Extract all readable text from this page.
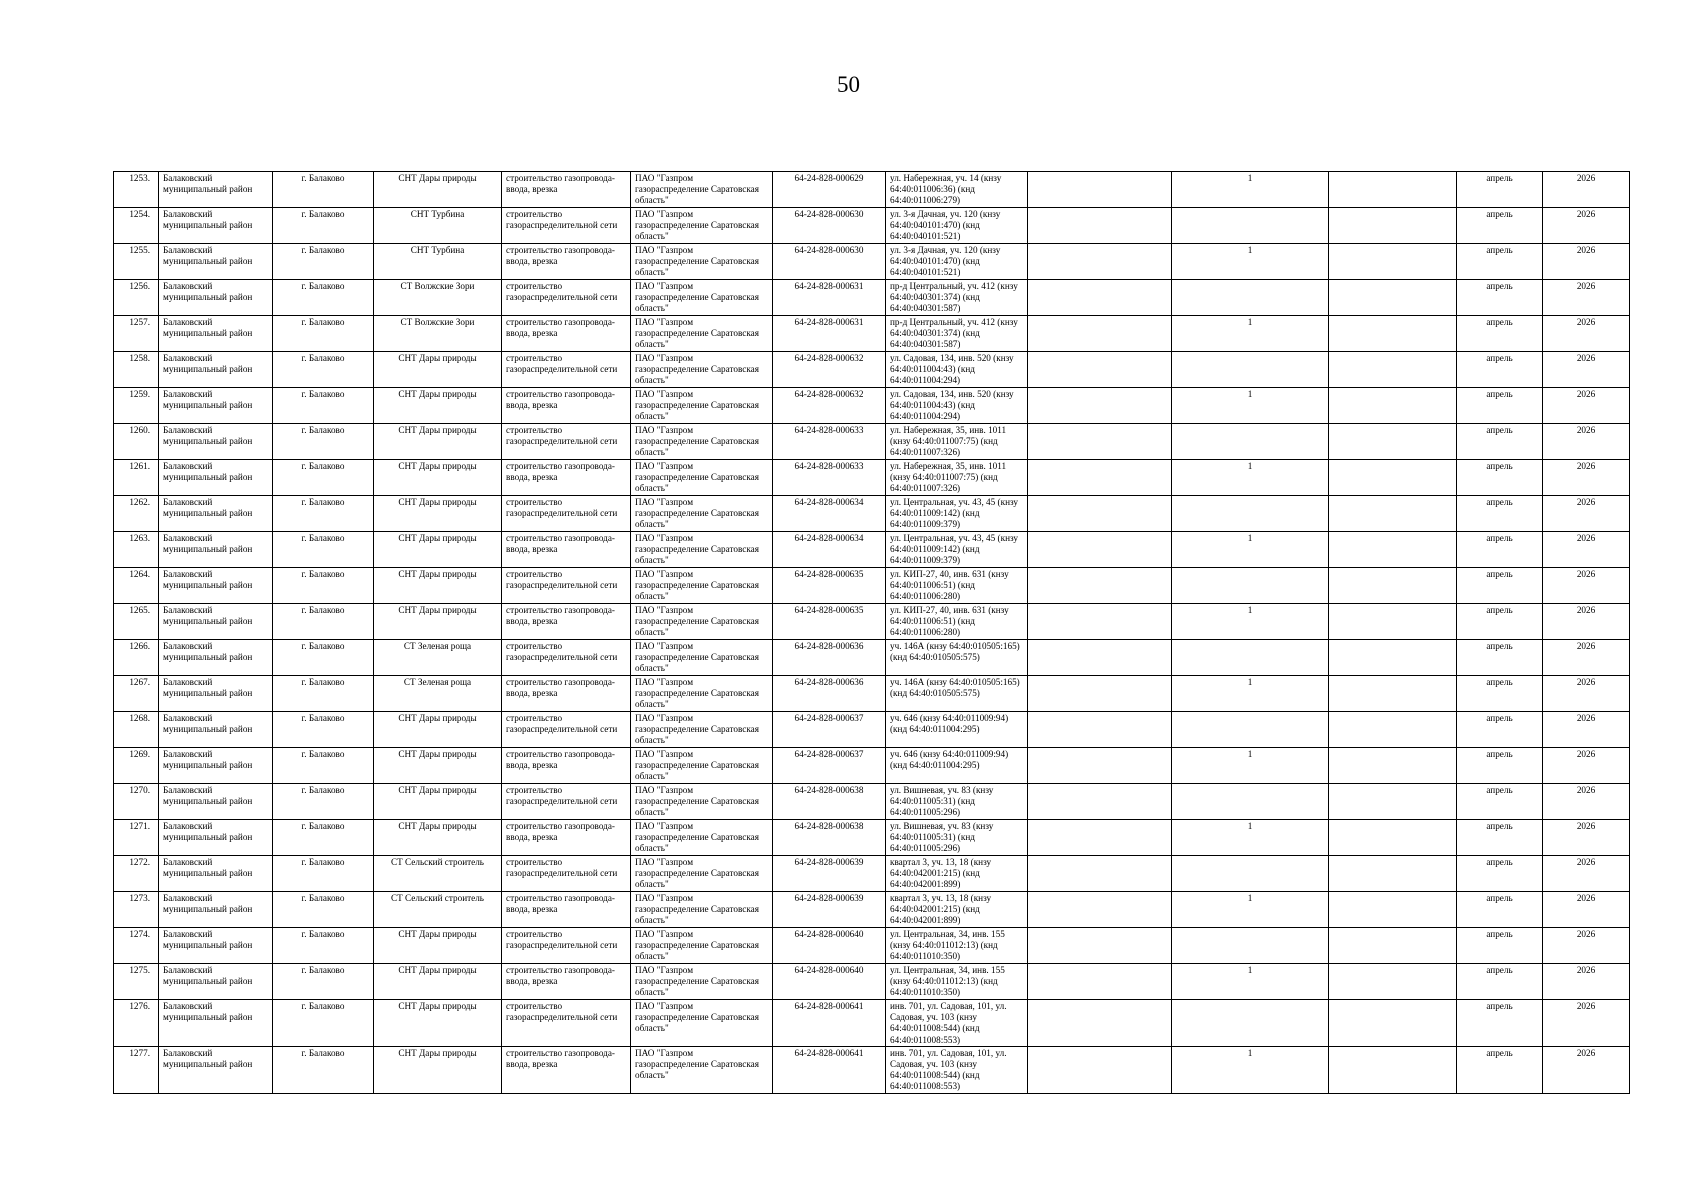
50
1253.	Балаковский муниципальный район	г. Балаково	СНТ Дары природы	строительство газопровода-ввода, врезка	ПАО "Газпром газораспределение Саратовская область"	64-24-828-000629	ул. Набережная, уч. 14 (кнзу 64:40:011006:36) (кнд 64:40:011006:279)		1		апрель	2026
1254.	Балаковский муниципальный район	г. Балаково	СНТ Турбина	строительство газораспределительной сети	ПАО "Газпром газораспределение Саратовская область"	64-24-828-000630	ул. 3-я Дачная, уч. 120 (кнзу 64:40:040101:470) (кнд 64:40:040101:521)				апрель	2026
1255.	Балаковский муниципальный район	г. Балаково	СНТ Турбина	строительство газопровода-ввода, врезка	ПАО "Газпром газораспределение Саратовская область"	64-24-828-000630	ул. 3-я Дачная, уч. 120 (кнзу 64:40:040101:470) (кнд 64:40:040101:521)		1		апрель	2026
1256.	Балаковский муниципальный район	г. Балаково	СТ Волжские Зори	строительство газораспределительной сети	ПАО "Газпром газораспределение Саратовская область"	64-24-828-000631	пр-д Центральный, уч. 412 (кнзу 64:40:040301:374) (кнд 64:40:040301:587)				апрель	2026
1257.	Балаковский муниципальный район	г. Балаково	СТ Волжские Зори	строительство газопровода-ввода, врезка	ПАО "Газпром газораспределение Саратовская область"	64-24-828-000631	пр-д Центральный, уч. 412 (кнзу 64:40:040301:374) (кнд 64:40:040301:587)		1		апрель	2026
1258.	Балаковский муниципальный район	г. Балаково	СНТ Дары природы	строительство газораспределительной сети	ПАО "Газпром газораспределение Саратовская область"	64-24-828-000632	ул. Садовая, 134, инв. 520 (кнзу 64:40:011004:43) (кнд 64:40:011004:294)				апрель	2026
1259.	Балаковский муниципальный район	г. Балаково	СНТ Дары природы	строительство газопровода-ввода, врезка	ПАО "Газпром газораспределение Саратовская область"	64-24-828-000632	ул. Садовая, 134, инв. 520 (кнзу 64:40:011004:43) (кнд 64:40:011004:294)		1		апрель	2026
1260.	Балаковский муниципальный район	г. Балаково	СНТ Дары природы	строительство газораспределительной сети	ПАО "Газпром газораспределение Саратовская область"	64-24-828-000633	ул. Набережная, 35, инв. 1011 (кнзу 64:40:011007:75) (кнд 64:40:011007:326)				апрель	2026
1261.	Балаковский муниципальный район	г. Балаково	СНТ Дары природы	строительство газопровода-ввода, врезка	ПАО "Газпром газораспределение Саратовская область"	64-24-828-000633	ул. Набережная, 35, инв. 1011 (кнзу 64:40:011007:75) (кнд 64:40:011007:326)		1		апрель	2026
1262.	Балаковский муниципальный район	г. Балаково	СНТ Дары природы	строительство газораспределительной сети	ПАО "Газпром газораспределение Саратовская область"	64-24-828-000634	ул. Центральная, уч. 43, 45 (кнзу 64:40:011009:142) (кнд 64:40:011009:379)				апрель	2026
1263.	Балаковский муниципальный район	г. Балаково	СНТ Дары природы	строительство газопровода-ввода, врезка	ПАО "Газпром газораспределение Саратовская область"	64-24-828-000634	ул. Центральная, уч. 43, 45 (кнзу 64:40:011009:142) (кнд 64:40:011009:379)		1		апрель	2026
1264.	Балаковский муниципальный район	г. Балаково	СНТ Дары природы	строительство газораспределительной сети	ПАО "Газпром газораспределение Саратовская область"	64-24-828-000635	ул. КИП-27, 40, инв. 631 (кнзу 64:40:011006:51) (кнд 64:40:011006:280)				апрель	2026
1265.	Балаковский муниципальный район	г. Балаково	СНТ Дары природы	строительство газопровода-ввода, врезка	ПАО "Газпром газораспределение Саратовская область"	64-24-828-000635	ул. КИП-27, 40, инв. 631 (кнзу 64:40:011006:51) (кнд 64:40:011006:280)		1		апрель	2026
1266.	Балаковский муниципальный район	г. Балаково	СТ Зеленая роща	строительство газораспределительной сети	ПАО "Газпром газораспределение Саратовская область"	64-24-828-000636	уч. 146А (кнзу 64:40:010505:165) (кнд 64:40:010505:575)				апрель	2026
1267.	Балаковский муниципальный район	г. Балаково	СТ Зеленая роща	строительство газопровода-ввода, врезка	ПАО "Газпром газораспределение Саратовская область"	64-24-828-000636	уч. 146А (кнзу 64:40:010505:165) (кнд 64:40:010505:575)		1		апрель	2026
1268.	Балаковский муниципальный район	г. Балаково	СНТ Дары природы	строительство газораспределительной сети	ПАО "Газпром газораспределение Саратовская область"	64-24-828-000637	уч. 646 (кнзу 64:40:011009:94) (кнд 64:40:011004:295)				апрель	2026
1269.	Балаковский муниципальный район	г. Балаково	СНТ Дары природы	строительство газопровода-ввода, врезка	ПАО "Газпром газораспределение Саратовская область"	64-24-828-000637	уч. 646 (кнзу 64:40:011009:94) (кнд 64:40:011004:295)		1		апрель	2026
1270.	Балаковский муниципальный район	г. Балаково	СНТ Дары природы	строительство газораспределительной сети	ПАО "Газпром газораспределение Саратовская область"	64-24-828-000638	ул. Вишневая, уч. 83 (кнзу 64:40:011005:31) (кнд 64:40:011005:296)				апрель	2026
1271.	Балаковский муниципальный район	г. Балаково	СНТ Дары природы	строительство газопровода-ввода, врезка	ПАО "Газпром газораспределение Саратовская область"	64-24-828-000638	ул. Вишневая, уч. 83 (кнзу 64:40:011005:31) (кнд 64:40:011005:296)		1		апрель	2026
1272.	Балаковский муниципальный район	г. Балаково	СТ Сельский строитель	строительство газораспределительной сети	ПАО "Газпром газораспределение Саратовская область"	64-24-828-000639	квартал 3, уч. 13, 18 (кнзу 64:40:042001:215) (кнд 64:40:042001:899)				апрель	2026
1273.	Балаковский муниципальный район	г. Балаково	СТ Сельский строитель	строительство газопровода-ввода, врезка	ПАО "Газпром газораспределение Саратовская область"	64-24-828-000639	квартал 3, уч. 13, 18 (кнзу 64:40:042001:215) (кнд 64:40:042001:899)		1		апрель	2026
1274.	Балаковский муниципальный район	г. Балаково	СНТ Дары природы	строительство газораспределительной сети	ПАО "Газпром газораспределение Саратовская область"	64-24-828-000640	ул. Центральная, 34, инв. 155 (кнзу 64:40:011012:13) (кнд 64:40:011010:350)				апрель	2026
1275.	Балаковский муниципальный район	г. Балаково	СНТ Дары природы	строительство газопровода-ввода, врезка	ПАО "Газпром газораспределение Саратовская область"	64-24-828-000640	ул. Центральная, 34, инв. 155 (кнзу 64:40:011012:13) (кнд 64:40:011010:350)		1		апрель	2026
1276.	Балаковский муниципальный район	г. Балаково	СНТ Дары природы	строительство газораспределительной сети	ПАО "Газпром газораспределение Саратовская область"	64-24-828-000641	инв. 701, ул. Садовая, 101, ул. Садовая, уч. 103 (кнзу 64:40:011008:544) (кнд 64:40:011008:553)				апрель	2026
1277.	Балаковский муниципальный район	г. Балаково	СНТ Дары природы	строительство газопровода-ввода, врезка	ПАО "Газпром газораспределение Саратовская область"	64-24-828-000641	инв. 701, ул. Садовая, 101, ул. Садовая, уч. 103 (кнзу 64:40:011008:544) (кнд 64:40:011008:553)		1		апрель	2026
